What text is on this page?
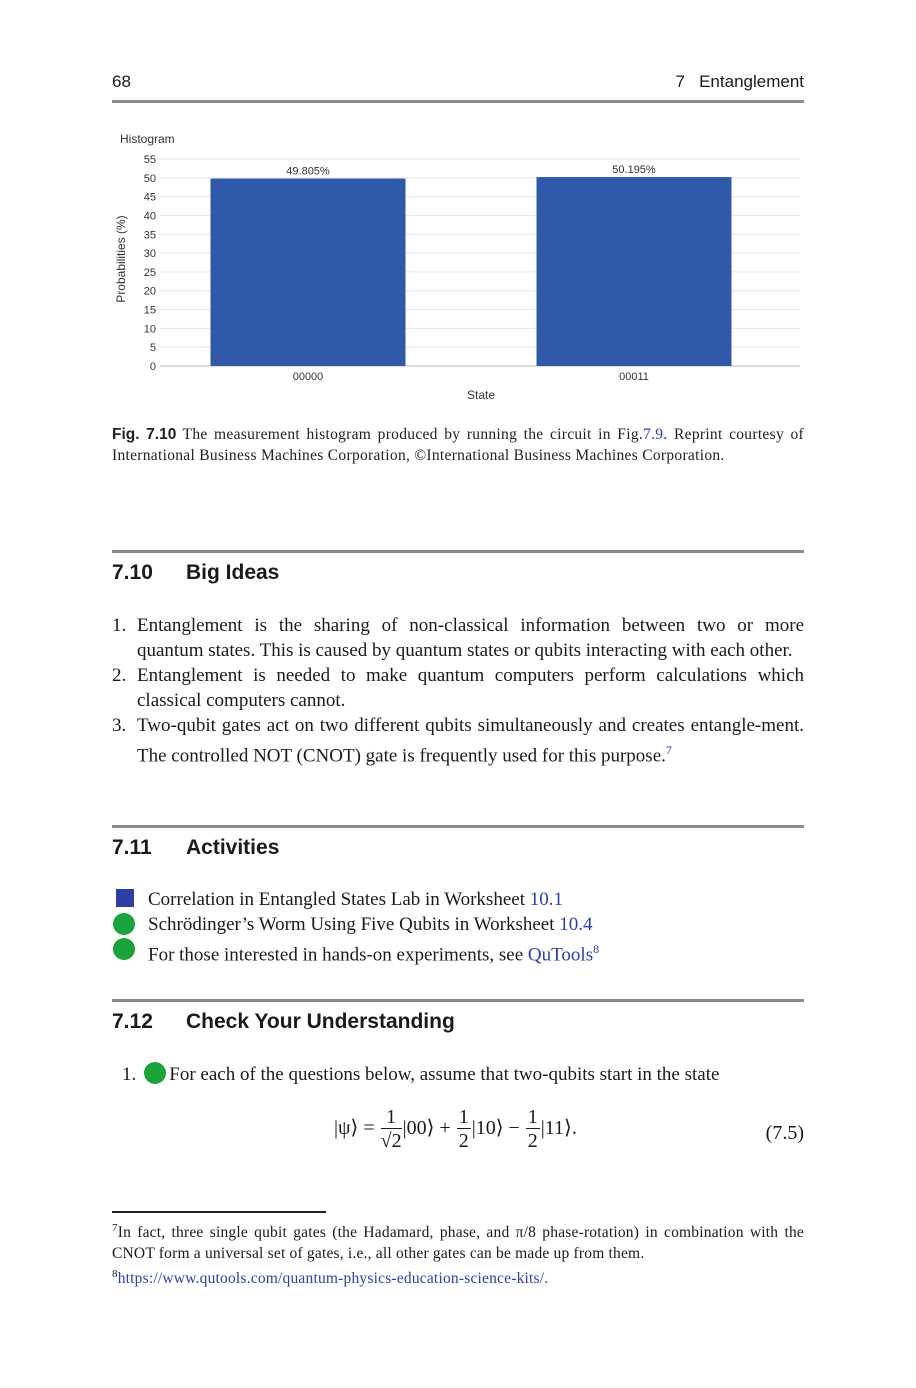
68	7   Entanglement
Histogram
0
5
10
15
20
25
30
35
40
45
50
55
49.805%
00000
50.195%
00011
Probabilities (%)
State
Fig. 7.10 The measurement histogram produced by running the circuit in Fig.7.9. Reprint courtesy of International Business Machines Corporation, ©International Business Machines Corporation.
7.10 Big Ideas
1. Entanglement is the sharing of non-classical information between two or more quantum states. This is caused by quantum states or qubits interacting with each other.
2. Entanglement is needed to make quantum computers perform calculations which classical computers cannot.
3. Two-qubit gates act on two different qubits simultaneously and creates entangle-ment. The controlled NOT (CNOT) gate is frequently used for this purpose.$^7$
7.11 Activities
Correlation in Entangled States Lab in Worksheet 10.1
Schrödinger’s Worm Using Five Qubits in Worksheet 10.4
For those interested in hands-on experiments, see QuTools$^8$
7.12 Check Your Understanding
1. For each of the questions below, assume that two-qubits start in the state
|ψ⟩ = $\frac{1}{√2}$ |00⟩ + $\frac{1}{2}$ |10⟩ − $\frac{1}{2}$ |11⟩.	(7.5)
$^7$In fact, three single qubit gates (the Hadamard, phase, and π/8 phase-rotation) in combination with the CNOT form a universal set of gates, i.e., all other gates can be made up from them.
$^8$https://www.qutools.com/quantum-physics-education-science-kits/.
